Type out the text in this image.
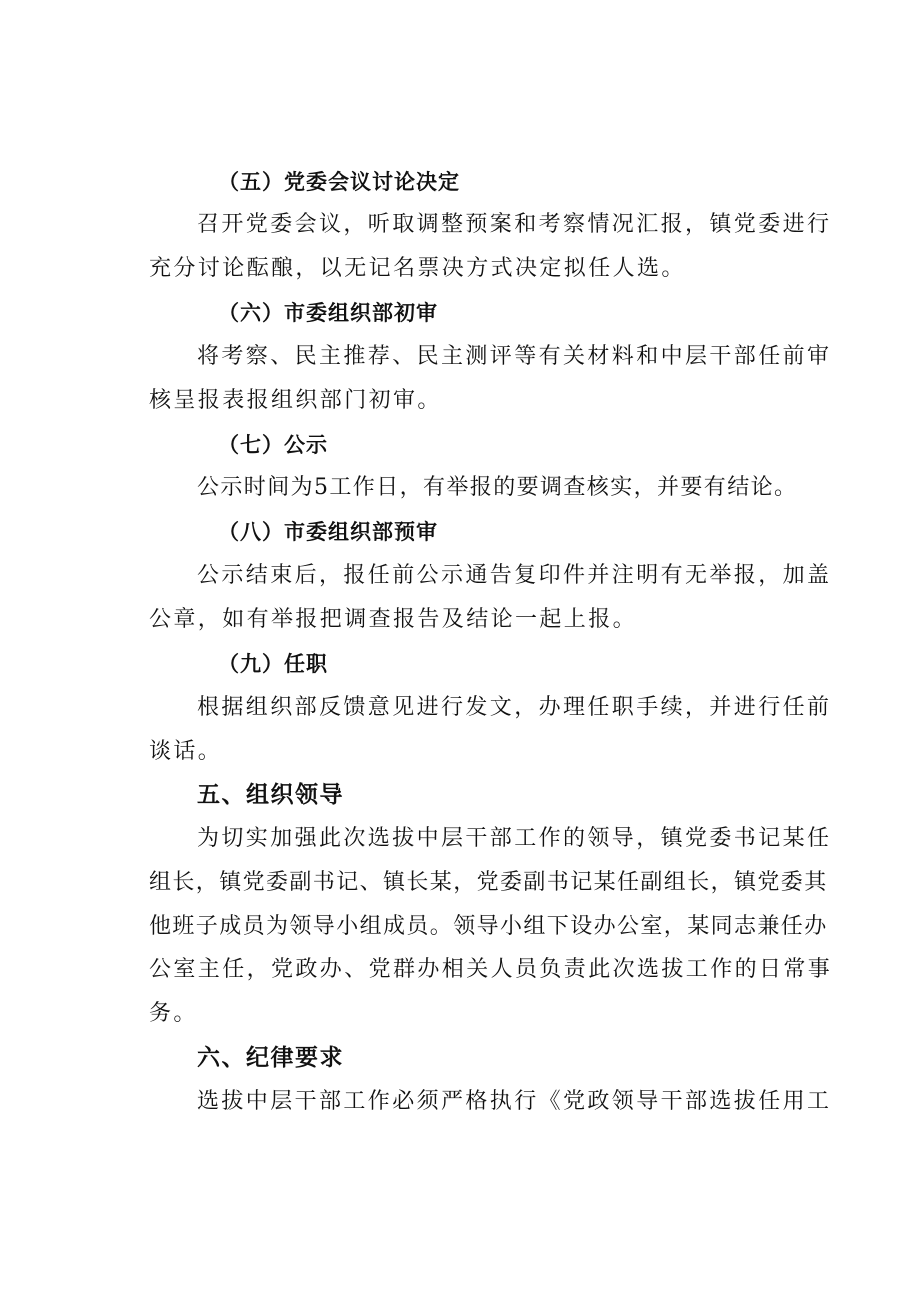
（五）党委会议讨论决定
召开党委会议，听取调整预案和考察情况汇报，镇党委进行
充分讨论酝酿，以无记名票决方式决定拟任人选。
（六）市委组织部初审
将考察、民主推荐、民主测评等有关材料和中层干部任前审
核呈报表报组织部门初审。
（七）公示
公示时间为5工作日，有举报的要调查核实，并要有结论。
（八）市委组织部预审
公示结束后，报任前公示通告复印件并注明有无举报，加盖
公章，如有举报把调查报告及结论一起上报。
（九）任职
根据组织部反馈意见进行发文，办理任职手续，并进行任前
谈话。
五、组织领导
为切实加强此次选拔中层干部工作的领导，镇党委书记某任
组长，镇党委副书记、镇长某，党委副书记某任副组长，镇党委其
他班子成员为领导小组成员。领导小组下设办公室，某同志兼任办
公室主任，党政办、党群办相关人员负责此次选拔工作的日常事
务。
六、纪律要求
选拔中层干部工作必须严格执行《党政领导干部选拔任用工
